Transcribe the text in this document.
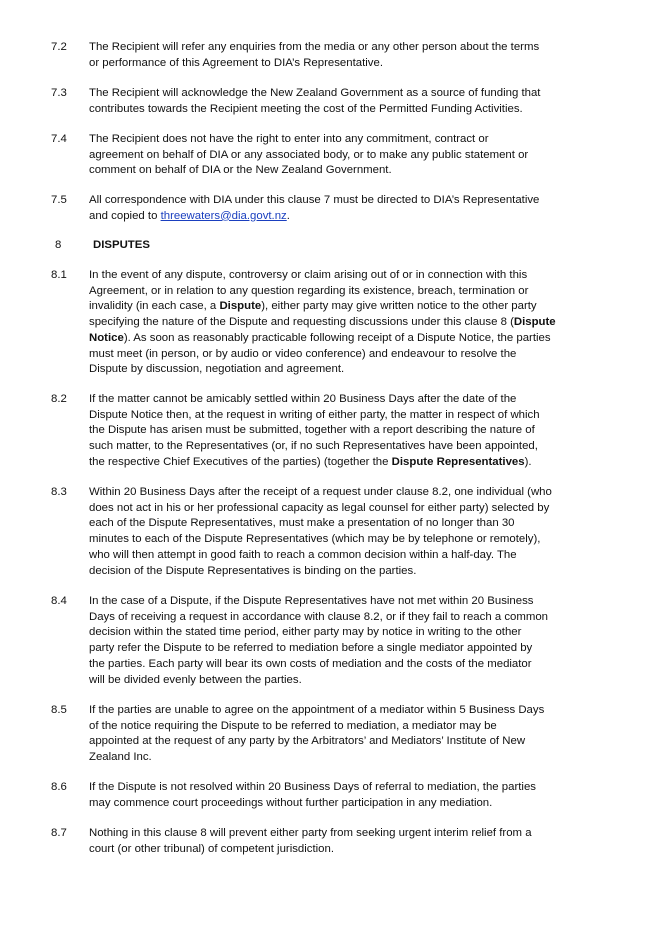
7.2 The Recipient will refer any enquiries from the media or any other person about the terms
or performance of this Agreement to DIA’s Representative.

7.3 The Recipient will acknowledge the New Zealand Government as a source of funding that
contributes towards the Recipient meeting the cost of the Permitted Funding Activities.

7.4 The Recipient does not have the right to enter into any commitment, contract or
agreement on behalf of DIA or any associated body, or to make any public statement or
comment on behalf of DIA or the New Zealand Government.

7.5 All correspondence with DIA under this clause 7 must be directed to DIA’s Representative
and copied to threewaters@dia.govt.nz.

8	DISPUTES
8.1 In the event of any dispute, controversy or claim arising out of or in connection with this
Agreement, or in relation to any question regarding its existence, breach, termination or
invalidity (in each case, a Dispute), either party may give written notice to the other party
specifying the nature of the Dispute and requesting discussions under this clause 8 (Dispute
Notice). As soon as reasonably practicable following receipt of a Dispute Notice, the parties
must meet (in person, or by audio or video conference) and endeavour to resolve the
Dispute by discussion, negotiation and agreement.

8.2 If the matter cannot be amicably settled within 20 Business Days after the date of the
Dispute Notice then, at the request in writing of either party, the matter in respect of which
the Dispute has arisen must be submitted, together with a report describing the nature of
such matter, to the Representatives (or, if no such Representatives have been appointed,
the respective Chief Executives of the parties) (together the Dispute Representatives).

8.3 Within 20 Business Days after the receipt of a request under clause 8.2, one individual (who
does not act in his or her professional capacity as legal counsel for either party) selected by
each of the Dispute Representatives, must make a presentation of no longer than 30
minutes to each of the Dispute Representatives (which may be by telephone or remotely),
who will then attempt in good faith to reach a common decision within a half-day. The
decision of the Dispute Representatives is binding on the parties.

8.4 In the case of a Dispute, if the Dispute Representatives have not met within 20 Business
Days of receiving a request in accordance with clause 8.2, or if they fail to reach a common
decision within the stated time period, either party may by notice in writing to the other
party refer the Dispute to be referred to mediation before a single mediator appointed by
the parties. Each party will bear its own costs of mediation and the costs of the mediator
will be divided evenly between the parties.

8.5 If the parties are unable to agree on the appointment of a mediator within 5 Business Days
of the notice requiring the Dispute to be referred to mediation, a mediator may be
appointed at the request of any party by the Arbitrators’ and Mediators’ Institute of New
Zealand Inc.

8.6 If the Dispute is not resolved within 20 Business Days of referral to mediation, the parties
may commence court proceedings without further participation in any mediation.

8.7 Nothing in this clause 8 will prevent either party from seeking urgent interim relief from a
court (or other tribunal) of competent jurisdiction.
